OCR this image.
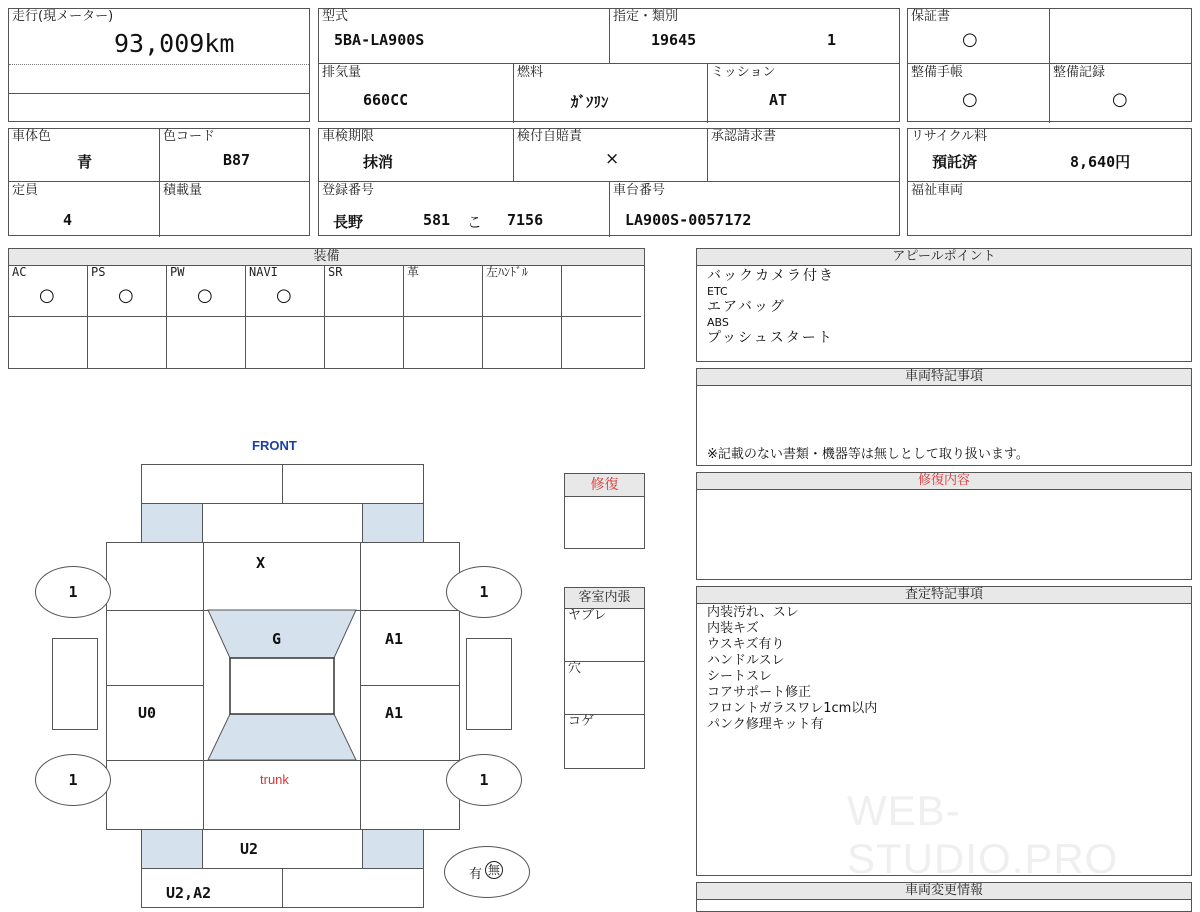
走行(現メーター)
93,009km
型式
5BA-LA900S
指定・類別
19645	1
排気量
660CC
燃料
ｶﾞｿﾘﾝ
ミッション
AT
保証書
○
整備手帳
○
整備記録
○
車体色
青
色コード
B87
定員
4
積載量
車検期限
抹消
検付自賠責
×
承認請求書
登録番号
長野	581 こ 7156
車台番号
LA900S-0057172
リサイクル料
預託済	8,640円
福祉車両
装備
AC
○
PS
○
PW
○
NAVI
○
SR	革	左ﾊﾝﾄﾞﾙ
アピールポイント
バックカメラ付き
ETC
エアバッグ
ABS
プッシュスタート
車両特記事項
※記載のない書類・機器等は無しとして取り扱います。
修復内容
査定特記事項
内装汚れ、スレ
内装キズ
ウスキズ有り
ハンドルスレ
シートスレ
コアサポート修正
フロントガラスワレ1cm以内
パンク修理キット有
WEB-STUDIO.PRO
車両変更情報
修復
客室内張
ヤブレ
穴
コゲ
FRONT
X
A1
A1
U0
G
trunk
1	1
1	1
U2
U2,A2
有 無
